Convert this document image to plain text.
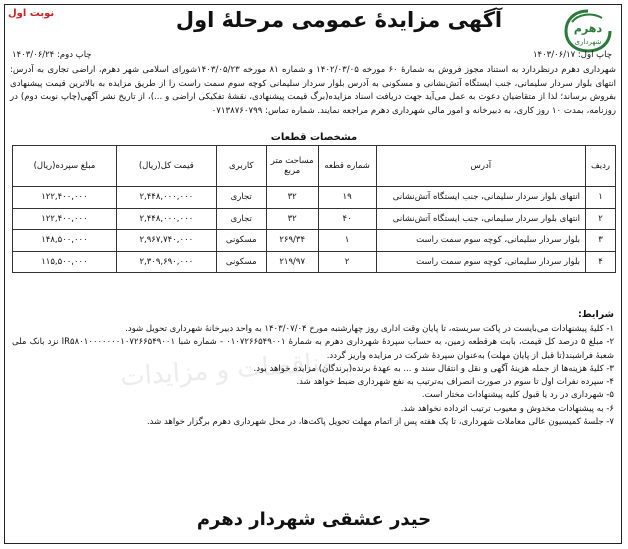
نوبت اول
دهرم
شهرداری
آگهی مزایدۀ عمومی مرحلۀ اول
چاپ اول: ۱۴۰۳/۰۶/۱۷
چاپ دوم: ۱۴۰۳/۰۶/۲۴
شهرداری دهرم درنظردارد به استناد مجوز فروش به شمارۀ ۶۰ مورخه ۱۴۰۲/۰۳/۰۵ و شماره ۸۱ مورخه ۱۴۰۳/۰۵/۲۳شورای اسلامی شهر دهرم، اراضی تجاری به آدرس: انتهای بلوار سردار سلیمانی، جنب ایستگاه آتش‌نشانی و مسکونی به آدرس بلوار سردار سلیمانی کوچه سوم سمت راست را از طریق مزایده به بالاترین قیمت پیشنهادی بفروش برساند؛ لذا از متقاضیان دعوت به عمل می‌آید جهت دریافت اسناد مزایده(برگ قیمت پیشنهادی، نقشۀ تفکیکی اراضی و ...)، از تاریخ نشر آگهی(چاپ نوبت دوم) در روزنامه، بمدت ۱۰ روز کاری، به دبیرخانه و امور مالی شهرداری دهرم مراجعه نمایند. شماره تماس: ۰۷۱۳۸۷۶۰۷۹۹
مشخصات قطعات
ردیف	آدرس	شماره قطعه	مساحت متر مربع	کاربری	قیمت کل(ریال)	مبلغ سپرده(ریال)
۱	انتهای بلوار سردار سلیمانی، جنب ایستگاه آتش‌نشانی	۱۹	۳۲	تجاری	۲,۴۴۸,۰۰۰,۰۰۰	۱۲۲,۴۰۰,۰۰۰
۲	انتهای بلوار سردار سلیمانی، جنب ایستگاه آتش‌نشانی	۴۰	۳۲	تجاری	۲,۴۴۸,۰۰۰,۰۰۰	۱۲۲,۴۰۰,۰۰۰
۳	بلوار سردار سلیمانی، کوچه سوم سمت راست	۱	۲۶۹/۳۴	مسکونی	۲,۹۶۷,۷۴۰,۰۰۰	۱۴۸,۵۰۰,۰۰۰
۴	بلوار سردار سلیمانی، کوچه سوم سمت راست	۲	۲۱۹/۹۷	مسکونی	۲,۳۰۹,۶۹۰,۰۰۰	۱۱۵,۵۰۰,۰۰۰
مناقصات و مزایدات
شرایط:
۱- کلیۀ پیشنهادات می‌بایست در پاکت سربسته، تا پایان وقت اداری روز چهارشنبه مورخ ۱۴۰۳/۰۷/۰۴ به واحد دبیرخانۀ شهرداری تحویل شود.
۲- مبلغ ۵ درصد کل قیمت، بابت هرقطعه زمین، به حساب سپردۀ شهرداری دهرم به شمارۀ ۰۱۰۷۲۶۶۵۴۹۰۰۱ - شماره شبا IR۵۸۰۱۰۰۰۰۰۰۰۱۰۷۲۶۶۵۴۹۰۰۱ نزد بانک ملی شعبۀ فراشبند(تا قبل از پایان مهلت) به‌عنوان سپردۀ شرکت در مزایده واریز گردد.
۳- کلیۀ هزینه‌ها از جمله هزینۀ آگهی و نقل و انتقال سند و ... به عهدۀ برنده(برندگان) مزایده خواهد بود.
۴- سپرده نفرات اول تا سوم در صورت انصراف به‌ترتیب به نفع شهرداری ضبط خواهد شد.
۵- شهرداری در رد یا قبول کلیه پیشنهادات مختار است.
۶- به پیشنهادات مخدوش و معیوب ترتیب اثرداده نخواهد شد.
۷- جلسۀ کمیسیون عالی معاملات شهرداری، تا یک هفته پس از اتمام مهلت تحویل پاکت‌ها، در محل شهرداری دهرم برگزار خواهد شد.
حیدر عشقی شهردار دهرم
